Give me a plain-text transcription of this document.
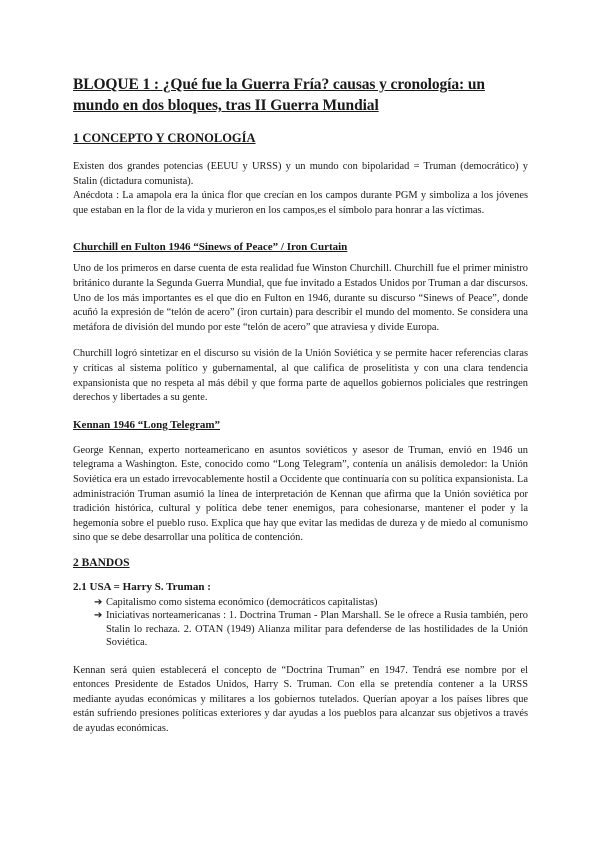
BLOQUE 1 : ¿Qué fue la Guerra Fría? causas y cronología: un mundo en dos bloques, tras II Guerra Mundial
1 CONCEPTO Y CRONOLOGÍA

Existen dos grandes potencias (EEUU y URSS) y un mundo con bipolaridad = Truman (democrático) y Stalin (dictadura comunista).

Anécdota : La amapola era la única flor que crecían en los campos durante PGM y simboliza a los jóvenes que estaban en la flor de la vida y murieron en los campos,es el símbolo para honrar a las víctimas.

Churchill en Fulton 1946 “Sinews of Peace” / Iron Curtain

Uno de los primeros en darse cuenta de esta realidad fue Winston Churchill. Churchill fue el primer ministro británico durante la Segunda Guerra Mundial, que fue invitado a Estados Unidos por Truman a dar discursos. Uno de los más importantes es el que dio en Fulton en 1946, durante su discurso “Sinews of Peace”, donde acuñó la expresión de “telón de acero” (iron curtain) para describir el mundo del momento. Se considera una metáfora de división del mundo por este “telón de acero” que atraviesa y divide Europa.

Churchill logró sintetizar en el discurso su visión de la Unión Soviética y se permite hacer referencias claras y críticas al sistema político y gubernamental, al que califica de proselitista y con una clara tendencia expansionista que no respeta al más débil y que forma parte de aquellos gobiernos policiales que restringen derechos y libertades a su gente.

Kennan 1946 “Long Telegram”

George Kennan, experto norteamericano en asuntos soviéticos y asesor de Truman, envió en 1946 un telegrama a Washington. Este, conocido como “Long Telegram”, contenía un análisis demoledor: la Unión Soviética era un estado irrevocablemente hostil a Occidente que continuaría con su política expansionista. La administración Truman asumió la línea de interpretación de Kennan que afirma que la Unión soviética por tradición histórica, cultural y política debe tener enemigos, para cohesionarse, mantener el poder y la hegemonía sobre el pueblo ruso. Explica que hay que evitar las medidas de dureza y de miedo al comunismo sino que se debe desarrollar una política de contención.

2 BANDOS
2.1 USA = Harry S. Truman :
➔ Capitalismo como sistema económico (democráticos capitalistas)
➔ Iniciativas norteamericanas : 1. Doctrina Truman - Plan Marshall. Se le ofrece a Rusia también, pero Stalin lo rechaza. 2. OTAN (1949) Alianza militar para defenderse de las hostilidades de la Unión Soviética.

Kennan será quien establecerá el concepto de “Doctrina Truman” en 1947. Tendrá ese nombre por el entonces Presidente de Estados Unidos, Harry S. Truman. Con ella se pretendía contener a la URSS mediante ayudas económicas y militares a los gobiernos tutelados. Querían apoyar a los países libres que están sufriendo presiones políticas exteriores y dar ayudas a los pueblos para alcanzar sus objetivos a través de ayudas económicas.
